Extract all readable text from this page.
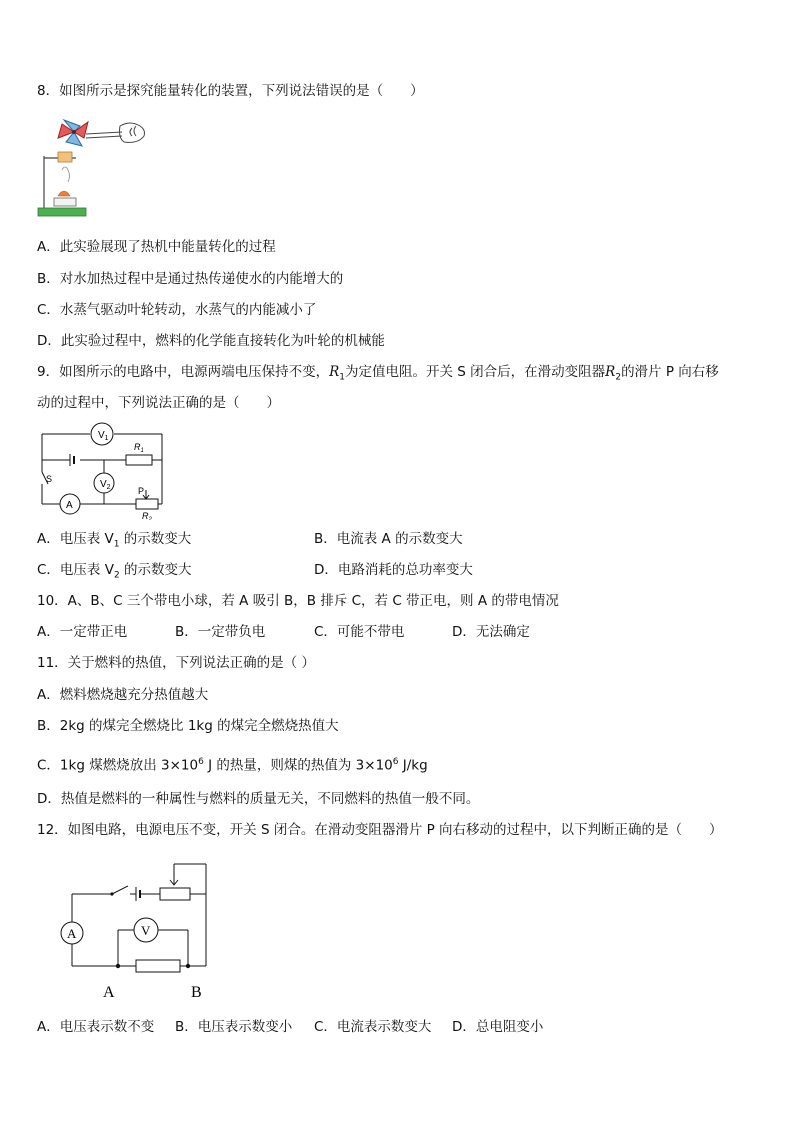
8．如图所示是探究能量转化的装置，下列说法错误的是（　　）
A．此实验展现了热机中能量转化的过程
B．对水加热过程中是通过热传递使水的内能增大的
C．水蒸气驱动叶轮转动，水蒸气的内能减小了
D．此实验过程中，燃料的化学能直接转化为叶轮的机械能
9．如图所示的电路中，电源两端电压保持不变，$R_1$为定值电阻。开关 S 闭合后，在滑动变阻器$R_2$的滑片 P 向右移
动的过程中，下列说法正确的是（　　）
$V_1$
$V_2$
A
$R_1$
$R_2$
S
P
A．电压表 $V_1$ 的示数变大	B．电流表 A 的示数变大
C．电压表 $V_2$ 的示数变大	D．电路消耗的总功率变大
10．A、B、C 三个带电小球，若 A 吸引 B，B 排斥 C，若 C 带正电，则 A 的带电情况
A．一定带正电	B．一定带负电	C．可能不带电	D．无法确定
11．关于燃料的热值，下列说法正确的是（ ）
A．燃料燃烧越充分热值越大
B．2kg 的煤完全燃烧比 1kg 的煤完全燃烧热值大
C．1kg 煤燃烧放出 $3\times 10^6$ J 的热量，则煤的热值为 $3\times 10^6$ J/kg
D．热值是燃料的一种属性与燃料的质量无关，不同燃料的热值一般不同。
12．如图电路，电源电压不变，开关 S 闭合。在滑动变阻器滑片 P 向右移动的过程中，以下判断正确的是（　　）
A	V
A	B
A．电压表示数不变 B．电压表示数变小 C．电流表示数变大 D．总电阻变小
